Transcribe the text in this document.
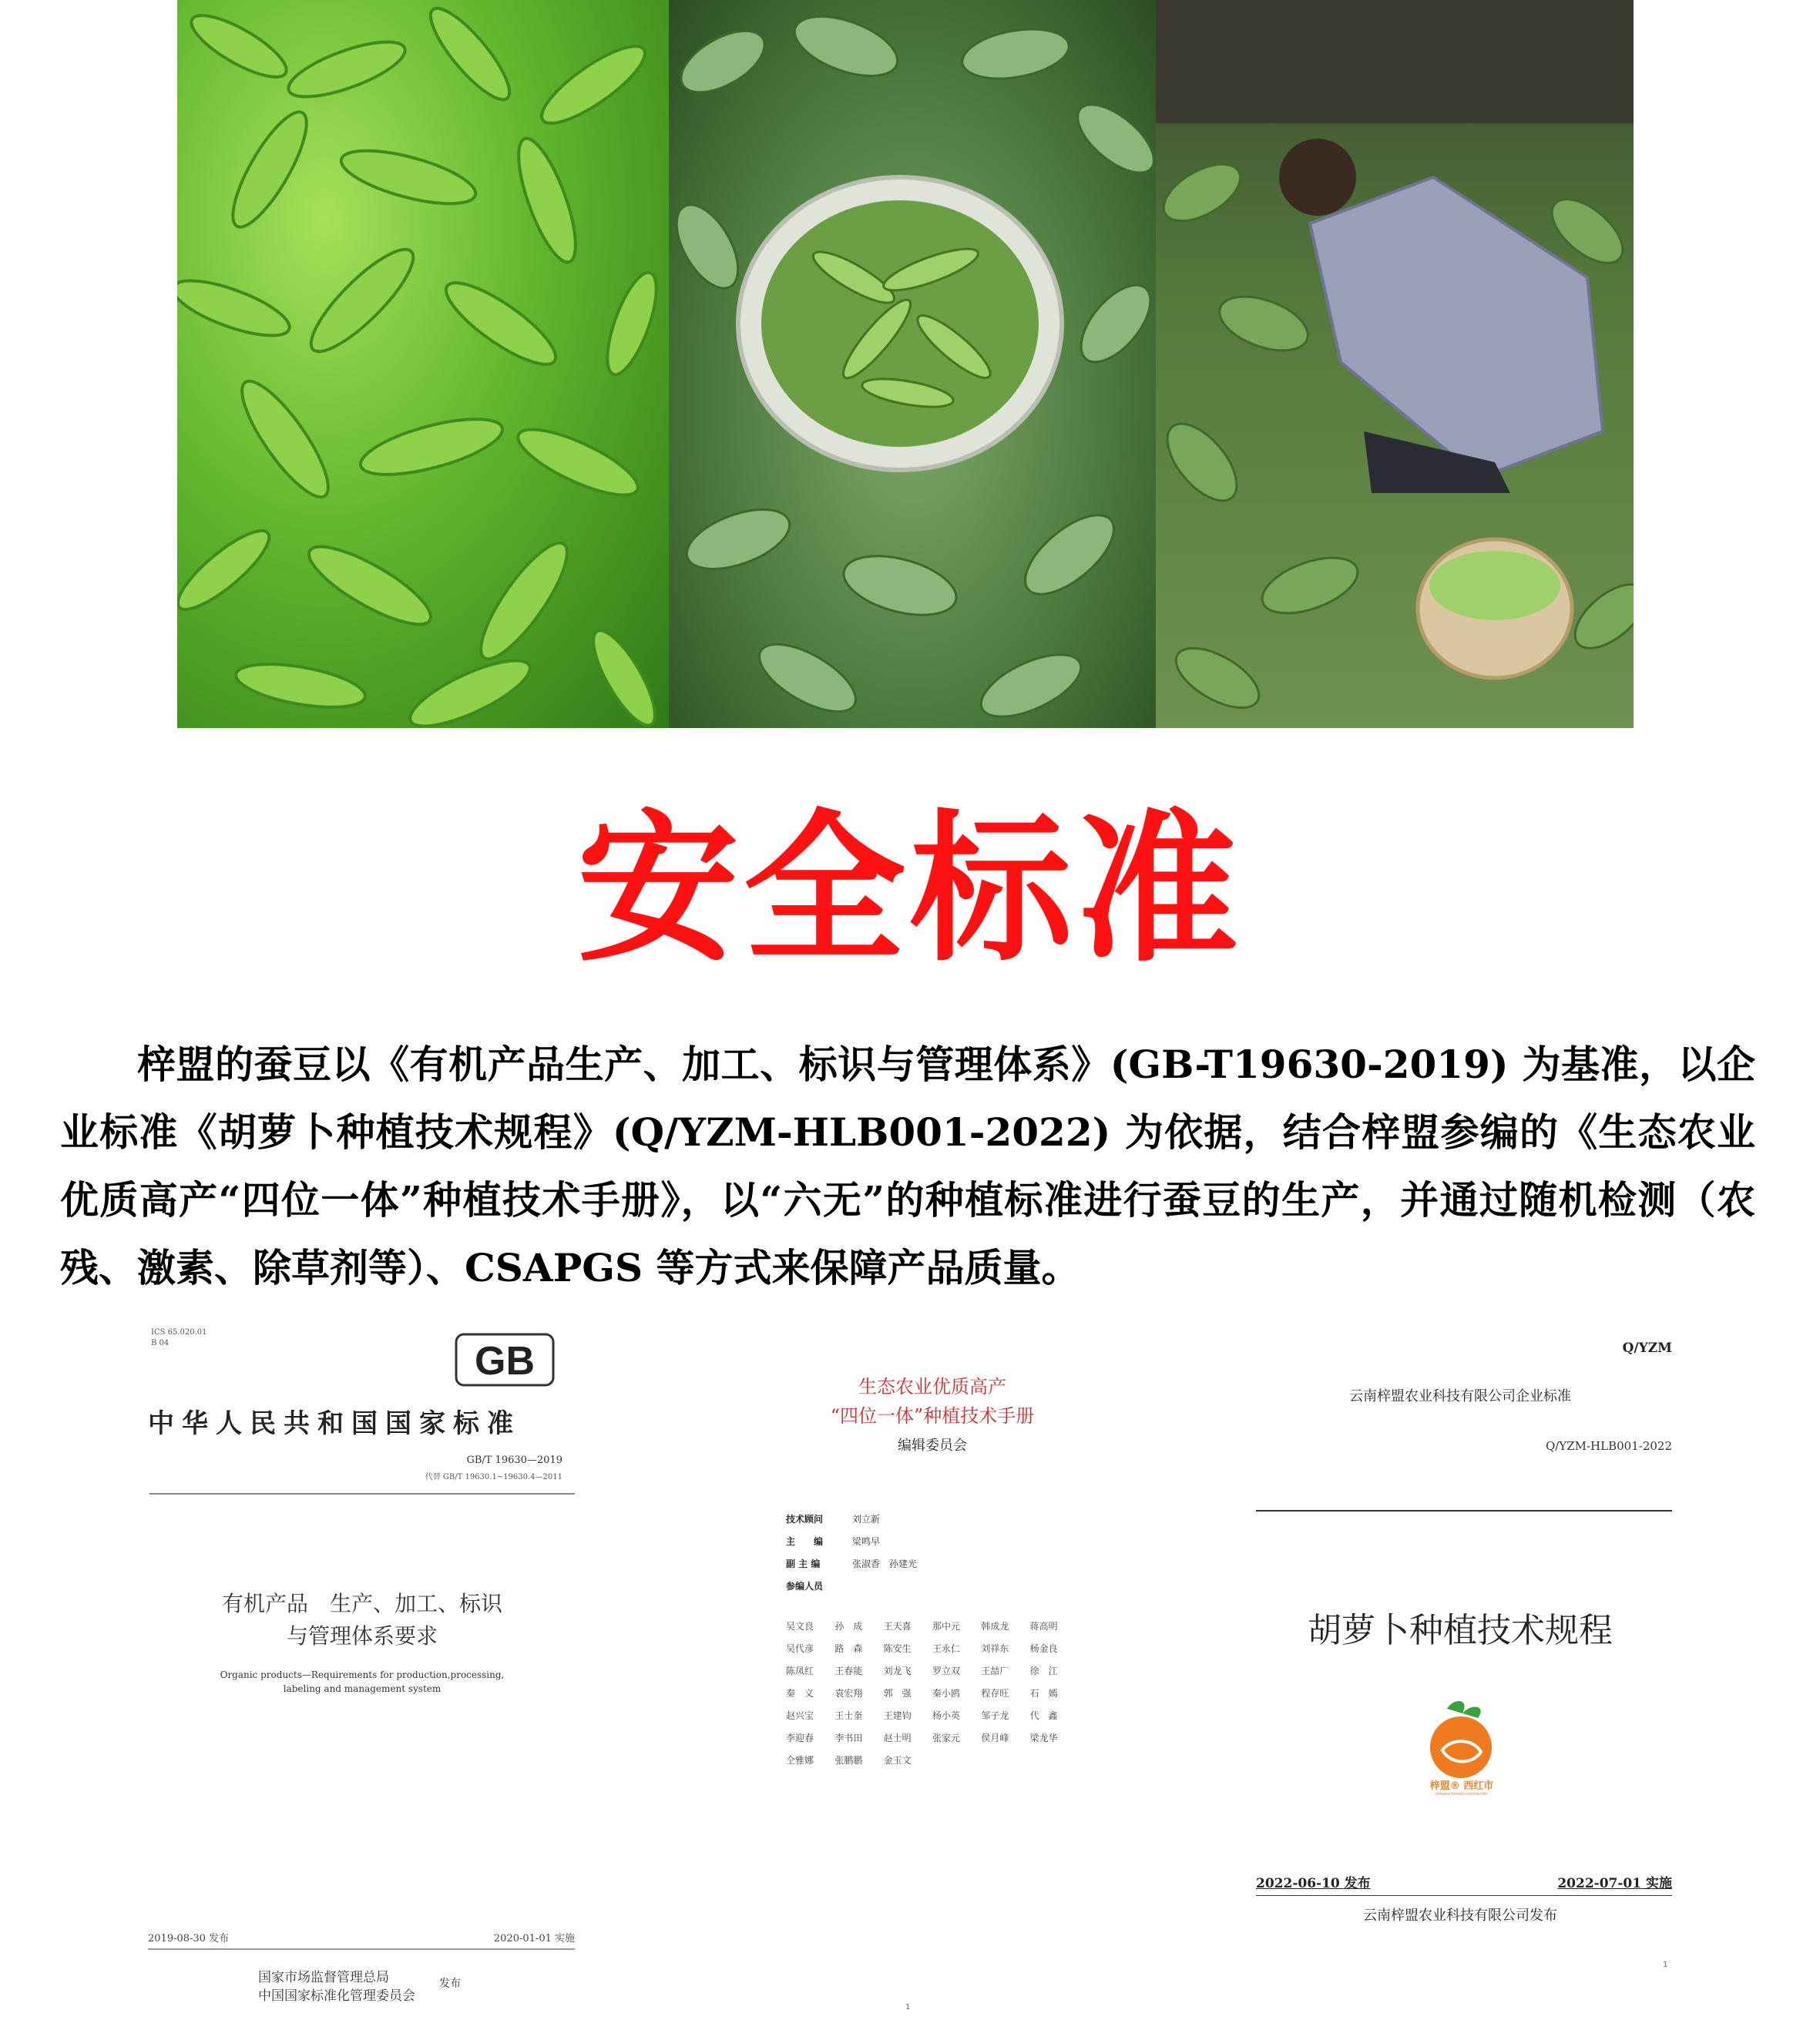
安全标准

梓盟的蚕豆以《有机产品生产、加工、标识与管理体系》(GB-T19630-2019) 为基准，以企业标准《胡萝卜种植技术规程》(Q/YZM-HLB001-2022) 为依据，结合梓盟参编的《生态农业优质高产“四位一体”种植技术手册》，以“六无”的种植标准进行蚕豆的生产，并通过随机检测（农残、激素、除草剂等）、CSAPGS 等方式来保障产品质量。

ICS 65.020.01
B 04	GB
中华人民共和国国家标准
GB/T 19630—2019
代替 GB/T 19630.1~19630.4—2011
有机产品　生产、加工、标识
与管理体系要求
Organic products—Requirements for production,processing,
labeling and management system
2019-08-30 发布	2020-01-01 实施
国家市场监督管理总局
中国国家标准化管理委员会
发布
1
生态农业优质高产
“四位一体”种植技术手册
编辑委员会
技术顾问	刘立新
主　　编	梁鸣早
副 主 编	张淑香　孙建光
参编人员
吴文良	孙　成	王天喜	那中元	韩成龙	蒋高明
吴代彦	路　森	陈安生	王永仁	刘祥东	杨金良
陈凤红	王春能	刘龙飞	罗立双	王喆厂	徐　江
秦　义	袁宏翔	郭　强	秦小鸥	程存旺	石　嫣
赵兴宝	王士奎	王建钧	杨小英	邹子龙	代　鑫
李迎春	李书田	赵士明	张家元	侯月峰	梁龙华
仝雅娜	张鹏鹏	金玉文
Q/YZM
云南梓盟农业科技有限公司企业标准
Q/YZM-HLB001-2022
胡萝卜种植技术规程
梓盟® 西红市
zimeng tomato community
2022-06-10 发布	2022-07-01 实施
云南梓盟农业科技有限公司发布
1
